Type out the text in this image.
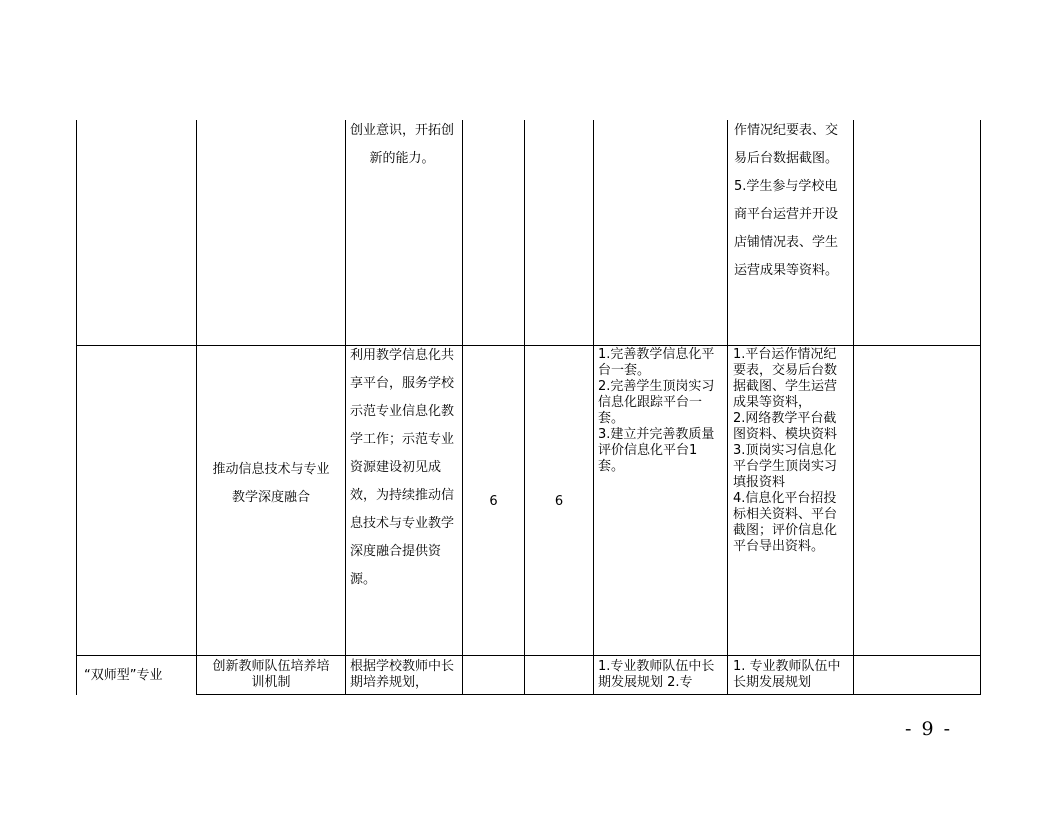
创业意识，开拓创新的能力。
作情况纪要表、交易后台数据截图。
5.学生参与学校电商平台运营并开设店铺情况表、学生运营成果等资料。
推动信息技术与专业教学深度融合
利用教学信息化共享平台，服务学校示范专业信息化教学工作；示范专业资源建设初见成效，为持续推动信息技术与专业教学深度融合提供资源。
6	6
1.完善教学信息化平台一套。
2.完善学生顶岗实习信息化跟踪平台一套。
3.建立并完善教质量评价信息化平台1套。
1.平台运作情况纪要表，交易后台数据截图、学生运营成果等资料，
2.网络教学平台截图资料、模块资料
3.顶岗实习信息化平台学生顶岗实习填报资料
4.信息化平台招投标相关资料、平台截图；评价信息化平台导出资料。
“双师型”专业
创新教师队伍培养培训机制
根据学校教师中长期培养规划，
1.专业教师队伍中长期发展规划 2.专
1. 专业教师队伍中长期发展规划
- 9 -
